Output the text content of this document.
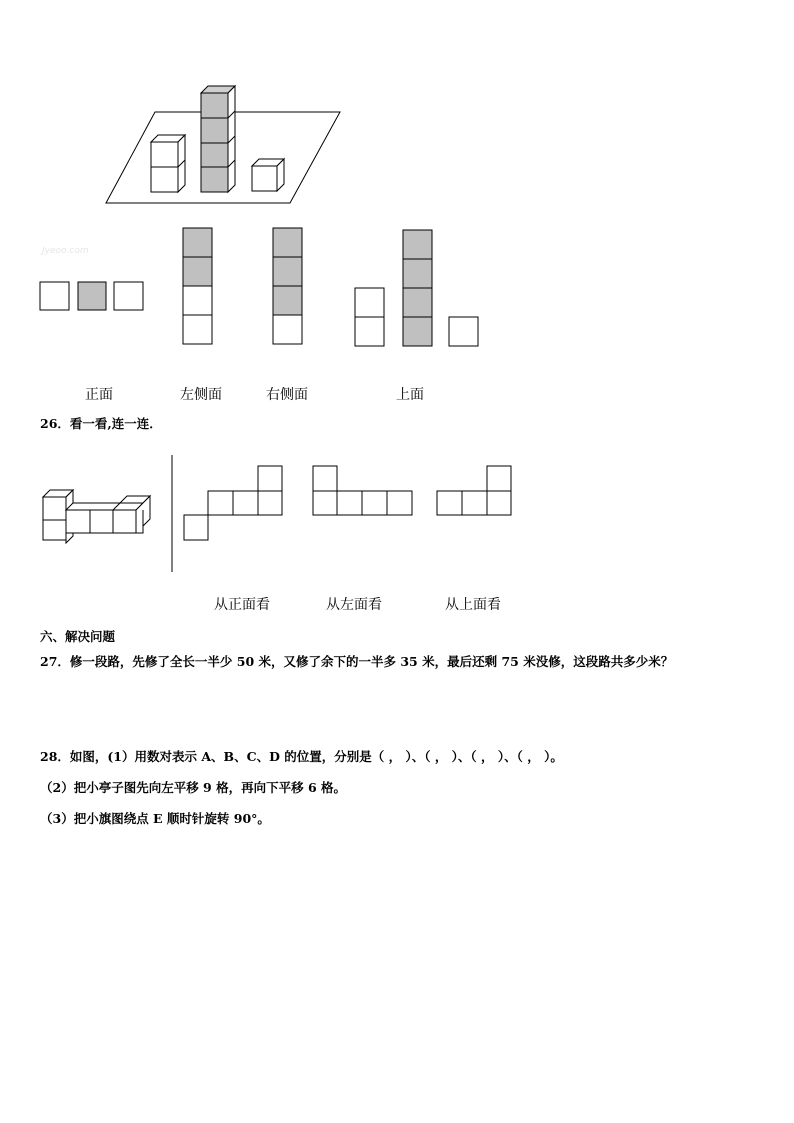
Jyeoo.com
正面	左侧面	右侧面	上面
26．看一看,连一连．
从正面看	从左面看	从上面看
六、解决问题
27．修一段路，先修了全长一半少 50 米，又修了余下的一半多 35 米，最后还剩 75 米没修，这段路共多少米？
28．如图，(1）用数对表示 A、B、C、D 的位置，分别是（ ， ）、（ ， ）、（ ， ）、（ ， ）。
（2）把小亭子图先向左平移 9 格，再向下平移 6 格。
（3）把小旗图绕点 E 顺时针旋转 90°。
